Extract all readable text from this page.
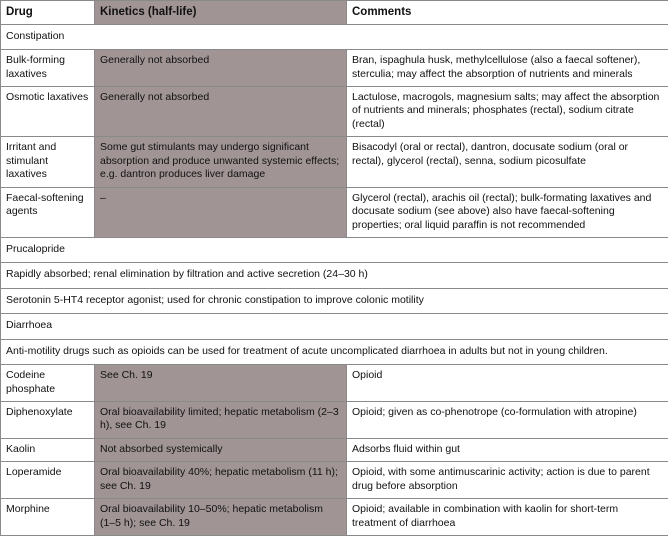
Drug	Kinetics (half-life)	Comments
Constipation		
Bulk-forming laxatives	Generally not absorbed	Bran, ispaghula husk, methylcellulose (also a faecal softener), sterculia; may affect the absorption of nutrients and minerals
Osmotic laxatives	Generally not absorbed	Lactulose, macrogols, magnesium salts; may affect the absorption of nutrients and minerals; phosphates (rectal), sodium citrate (rectal)
Irritant and stimulant laxatives	Some gut stimulants may undergo significant absorption and produce unwanted systemic effects; e.g. dantron produces liver damage	Bisacodyl (oral or rectal), dantron, docusate sodium (oral or rectal), glycerol (rectal), senna, sodium picosulfate
Faecal-softening agents	–	Glycerol (rectal), arachis oil (rectal); bulk-formating laxatives and docusate sodium (see above) also have faecal-softening properties; oral liquid paraffin is not recommended
Prucalopride		
Rapidly absorbed; renal elimination by filtration and active secretion (24–30 h)		
Serotonin 5-HT4 receptor agonist; used for chronic constipation to improve colonic motility		
Diarrhoea		
Anti-motility drugs such as opioids can be used for treatment of acute uncomplicated diarrhoea in adults but not in young children.		
Codeine phosphate	See Ch. 19	Opioid
Diphenoxylate	Oral bioavailability limited; hepatic metabolism (2–3 h), see Ch. 19	Opioid; given as co-phenotrope (co-formulation with atropine)
Kaolin	Not absorbed systemically	Adsorbs fluid within gut
Loperamide	Oral bioavailability 40%; hepatic metabolism (11 h); see Ch. 19	Opioid, with some antimuscarinic activity; action is due to parent drug before absorption
Morphine	Oral bioavailability 10–50%; hepatic metabolism (1–5 h); see Ch. 19	Opioid; available in combination with kaolin for short-term treatment of diarrhoea
